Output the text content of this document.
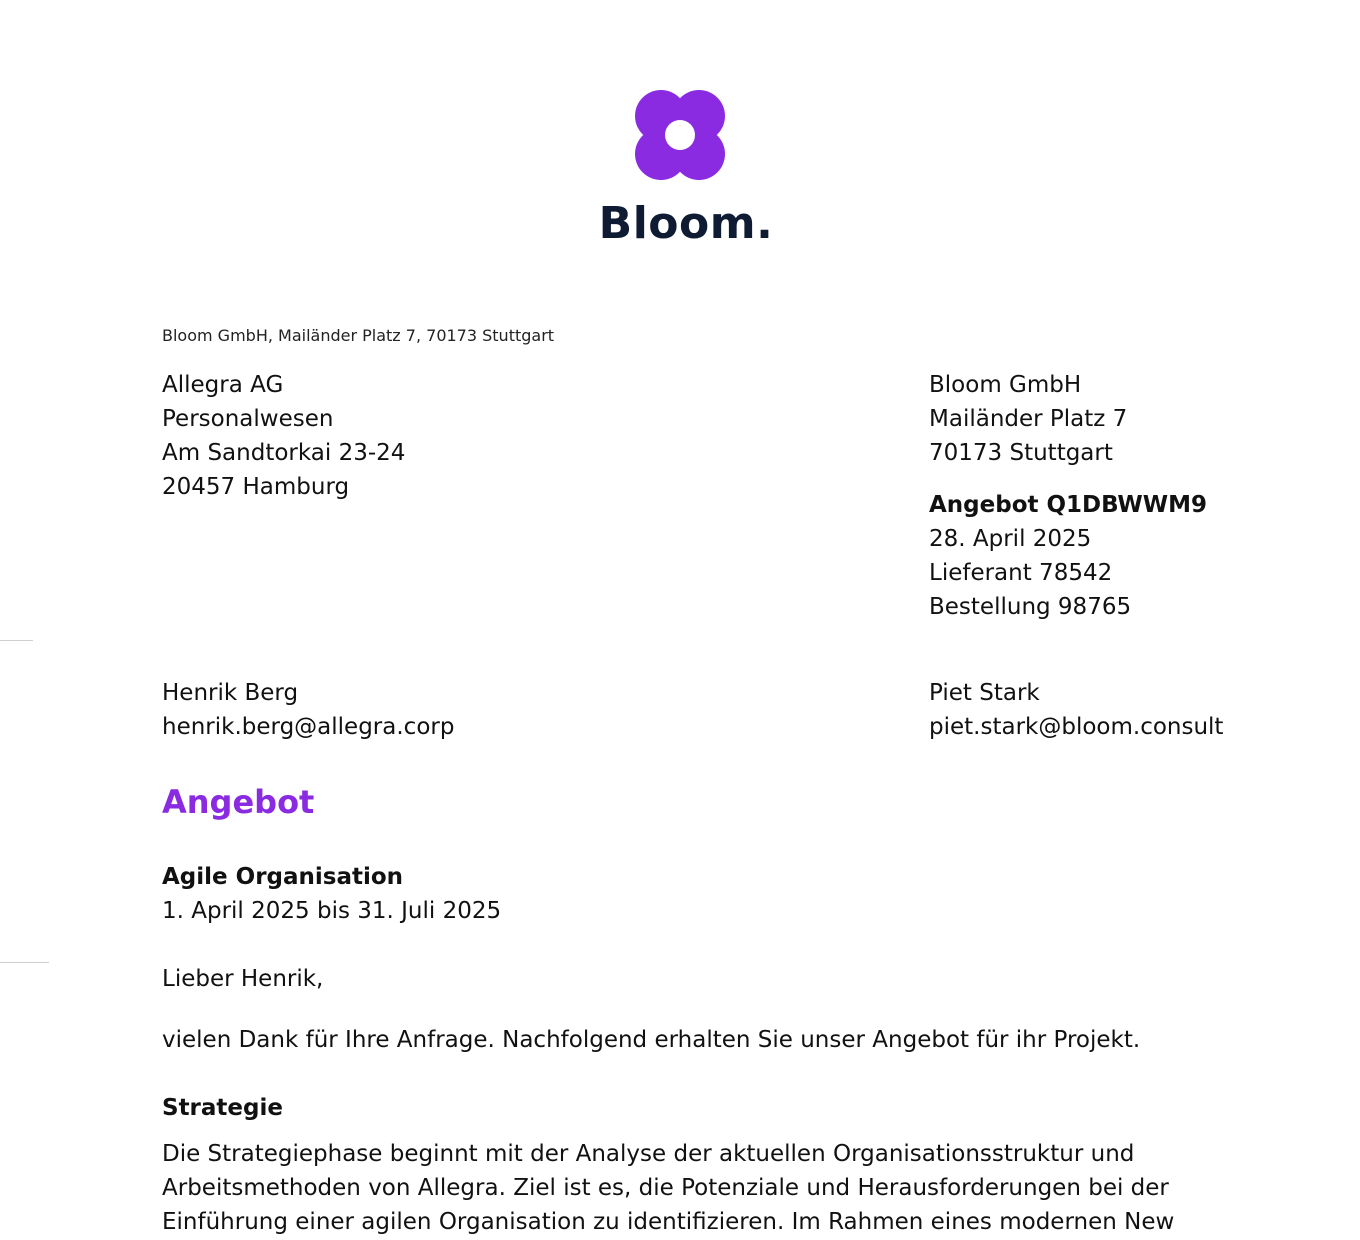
Bloom.
Bloom GmbH, Mailänder Platz 7, 70173 Stuttgart
Allegra AG
Personalwesen
Am Sandtorkai 23-24
20457 Hamburg
Bloom GmbH
Mailänder Platz 7
70173 Stuttgart
Angebot Q1DBWWM9
28. April 2025
Lieferant 78542
Bestellung 98765
Henrik Berg
henrik.berg@allegra.corp
Piet Stark
piet.stark@bloom.consult
Angebot
Agile Organisation
1. April 2025 bis 31. Juli 2025
Lieber Henrik,
vielen Dank für Ihre Anfrage. Nachfolgend erhalten Sie unser Angebot für ihr Projekt.
Strategie
Die Strategiephase beginnt mit der Analyse der aktuellen Organisationsstruktur und Arbeitsmethoden von Allegra. Ziel ist es, die Potenziale und Herausforderungen bei der Einführung einer agilen Organisation zu identifizieren. Im Rahmen eines modernen New
